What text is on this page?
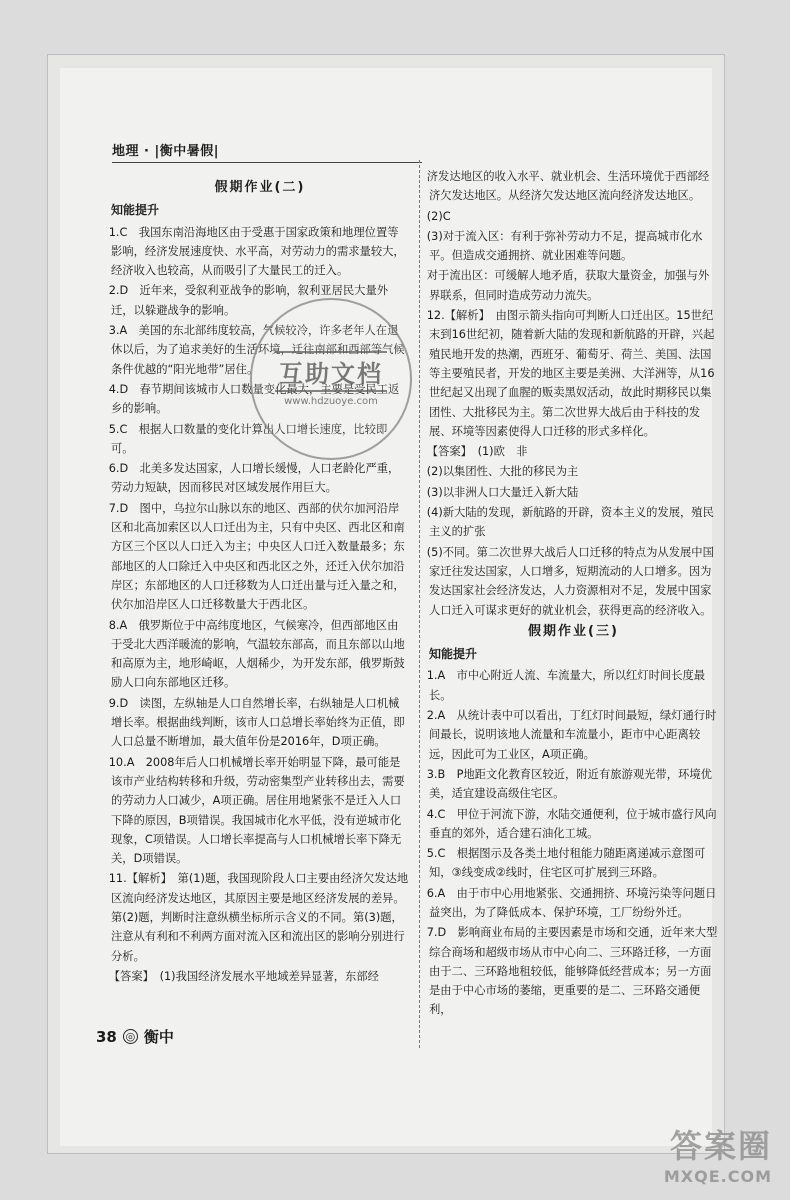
地理 · |衡中暑假|
假期作业(二)
知能提升
1.C　我国东南沿海地区由于受惠于国家政策和地理位置等影响，经济发展速度快、水平高，对劳动力的需求量较大，经济收入也较高，从而吸引了大量民工的迁入。
2.D　近年来，受叙利亚战争的影响，叙利亚居民大量外迁，以躲避战争的影响。
3.A　美国的东北部纬度较高，气候较冷，许多老年人在退休以后，为了追求美好的生活环境，迁往南部和西部等气候条件优越的“阳光地带”居住。
4.D　春节期间该城市人口数量变化最大，主要是受民工返乡的影响。
5.C　根据人口数量的变化计算出人口增长速度，比较即可。
6.D　北美多发达国家，人口增长缓慢，人口老龄化严重，劳动力短缺，因而移民对区域发展作用巨大。
7.D　图中，乌拉尔山脉以东的地区、西部的伏尔加河沿岸区和北高加索区以人口迁出为主，只有中央区、西北区和南方区三个区以人口迁入为主；中央区人口迁入数量最多；东部地区的人口除迁入中央区和西北区之外，还迁入伏尔加沿岸区；东部地区的人口迁移数为人口迁出量与迁入量之和，伏尔加沿岸区人口迁移数量大于西北区。
8.A　俄罗斯位于中高纬度地区，气候寒冷，但西部地区由于受北大西洋暖流的影响，气温较东部高，而且东部以山地和高原为主，地形崎岖，人烟稀少，为开发东部，俄罗斯鼓励人口向东部地区迁移。
9.D　读图，左纵轴是人口自然增长率，右纵轴是人口机械增长率。根据曲线判断，该市人口总增长率始终为正值，即人口总量不断增加，最大值年份是2016年，D项正确。
10.A　2008年后人口机械增长率开始明显下降，最可能是该市产业结构转移和升级，劳动密集型产业转移出去，需要的劳动力人口减少，A项正确。居住用地紧张不是迁入人口下降的原因，B项错误。我国城市化水平低，没有逆城市化现象，C项错误。人口增长率提高与人口机械增长率下降无关，D项错误。
11.【解析】　第(1)题，我国现阶段人口主要由经济欠发达地区流向经济发达地区，其原因主要是地区经济发展的差异。第(2)题，判断时注意纵横坐标所示含义的不同。第(3)题，注意从有利和不利两方面对流入区和流出区的影响分别进行分析。
【答案】　(1)我国经济发展水平地域差异显著，东部经
济发达地区的收入水平、就业机会、生活环境优于西部经济欠发达地区。从经济欠发达地区流向经济发达地区。
(2)C
(3)对于流入区：有利于弥补劳动力不足，提高城市化水平。但造成交通拥挤、就业困难等问题。
对于流出区：可缓解人地矛盾，获取大量资金，加强与外界联系，但同时造成劳动力流失。
12.【解析】　由图示箭头指向可判断人口迁出区。15世纪末到16世纪初，随着新大陆的发现和新航路的开辟，兴起殖民地开发的热潮，西班牙、葡萄牙、荷兰、美国、法国等主要殖民者，开发的地区主要是美洲、大洋洲等，从16世纪起又出现了血腥的贩卖黑奴活动，故此时期移民以集团性、大批移民为主。第二次世界大战后由于科技的发展、环境等因素使得人口迁移的形式多样化。
【答案】　(1)欧　非
(2)以集团性、大批的移民为主
(3)以非洲人口大量迁入新大陆
(4)新大陆的发现，新航路的开辟，资本主义的发展，殖民主义的扩张
(5)不同。第二次世界大战后人口迁移的特点为从发展中国家迁往发达国家，人口增多，短期流动的人口增多。因为发达国家社会经济发达，人力资源相对不足，发展中国家人口迁入可谋求更好的就业机会，获得更高的经济收入。
假期作业(三)
知能提升
1.A　市中心附近人流、车流量大，所以红灯时间长度最长。
2.A　从统计表中可以看出，丁红灯时间最短，绿灯通行时间最长，说明该地人流量和车流量小，距市中心距离较远，因此可为工业区，A项正确。
3.B　P地距文化教育区较近，附近有旅游观光带，环境优美，适宜建设高级住宅区。
4.C　甲位于河流下游，水陆交通便利，位于城市盛行风向垂直的郊外，适合建石油化工城。
5.C　根据图示及各类土地付租能力随距离递减示意图可知，③线变成②线时，住宅区可扩展到三环路。
6.A　由于市中心用地紧张、交通拥挤、环境污染等问题日益突出，为了降低成本、保护环境，工厂纷纷外迁。
7.D　影响商业布局的主要因素是市场和交通，近年来大型综合商场和超级市场从市中心向二、三环路迁移，一方面由于二、三环路地租较低，能够降低经营成本；另一方面是由于中心市场的萎缩，更重要的是二、三环路交通便利，
互助文档
www.hdzuoye.com
38 ◎ 衡中
答案圈
MXQE.COM
